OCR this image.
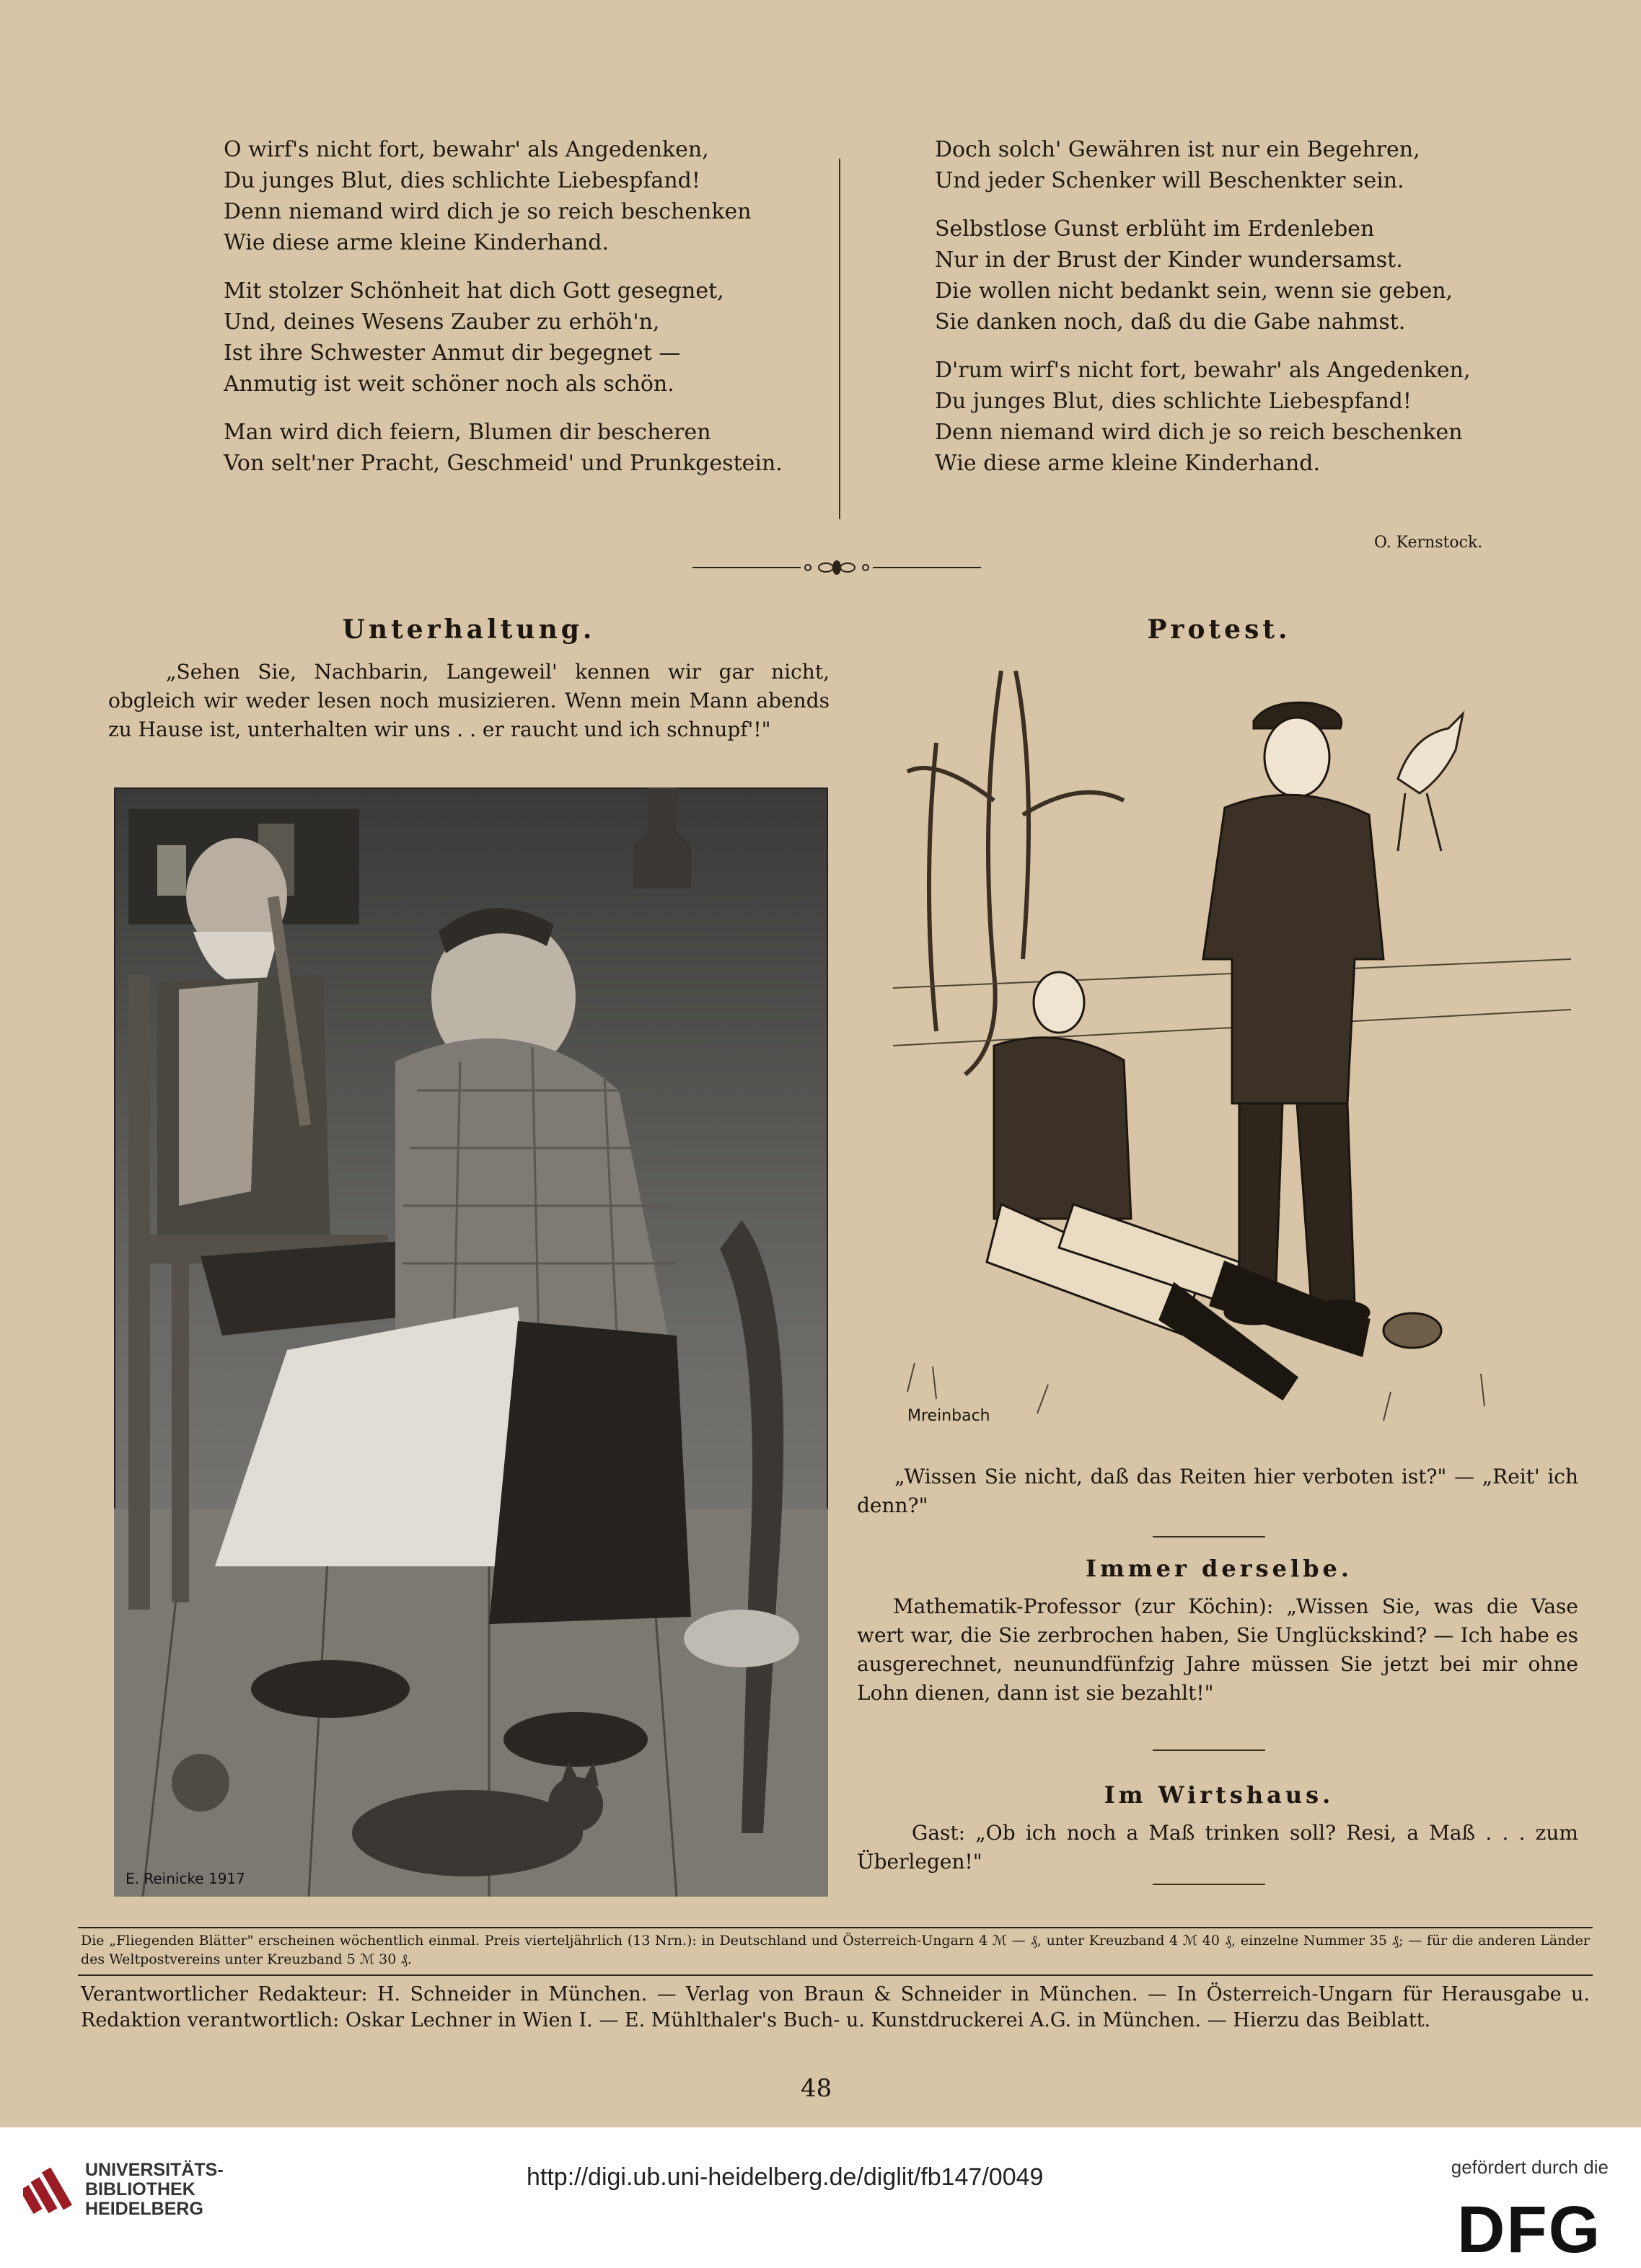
O wirf's nicht fort, bewahr' als Angedenken,
Du junges Blut, dies schlichte Liebespfand!
Denn niemand wird dich je so reich beschenken
Wie diese arme kleine Kinderhand.
Mit stolzer Schönheit hat dich Gott gesegnet,
Und, deines Wesens Zauber zu erhöh'n,
Ist ihre Schwester Anmut dir begegnet —
Anmutig ist weit schöner noch als schön.
Man wird dich feiern, Blumen dir bescheren
Von selt'ner Pracht, Geschmeid' und Prunkgestein.
Doch solch' Gewähren ist nur ein Begehren,
Und jeder Schenker will Beschenkter sein.
Selbstlose Gunst erblüht im Erdenleben
Nur in der Brust der Kinder wundersamst.
Die wollen nicht bedankt sein, wenn sie geben,
Sie danken noch, daß du die Gabe nahmst.
D'rum wirf's nicht fort, bewahr' als Angedenken,
Du junges Blut, dies schlichte Liebespfand!
Denn niemand wird dich je so reich beschenken
Wie diese arme kleine Kinderhand.
O. Kernstock.
Unterhaltung.
„Sehen Sie, Nachbarin, Langeweil' kennen wir gar nicht, obgleich wir weder lesen noch musizieren. Wenn mein Mann abends zu Hause ist, unterhalten wir uns . . er raucht und ich schnupf'!"
E. Reinicke 1917
Protest.
Mreinbach
„Wissen Sie nicht, daß das Reiten hier verboten ist?" — „Reit' ich denn?"
Immer derselbe.
Mathematik-Professor (zur Köchin): „Wissen Sie, was die Vase wert war, die Sie zerbrochen haben, Sie Unglückskind? — Ich habe es ausgerechnet, neunundfünfzig Jahre müssen Sie jetzt bei mir ohne Lohn dienen, dann ist sie bezahlt!"
Im Wirtshaus.
Gast: „Ob ich noch a Maß trinken soll? Resi, a Maß . . . zum Überlegen!"
Die „Fliegenden Blätter" erscheinen wöchentlich einmal. Preis vierteljährlich (13 Nrn.): in Deutschland und Österreich-Ungarn 4 ℳ — ₰, unter Kreuzband 4 ℳ 40 ₰, einzelne Nummer 35 ₰; — für die anderen Länder des Weltpostvereins unter Kreuzband 5 ℳ 30 ₰.
Verantwortlicher Redakteur: H. Schneider in München. — Verlag von Braun & Schneider in München. — In Österreich-Ungarn für Herausgabe u. Redaktion verantwortlich: Oskar Lechner in Wien I. — E. Mühlthaler's Buch- u. Kunstdruckerei A.G. in München. — Hierzu das Beiblatt.
48
UNIVERSITÄTS-
BIBLIOTHEK
HEIDELBERG
http://digi.ub.uni-heidelberg.de/diglit/fb147/0049	gefördert durch die
DFG
